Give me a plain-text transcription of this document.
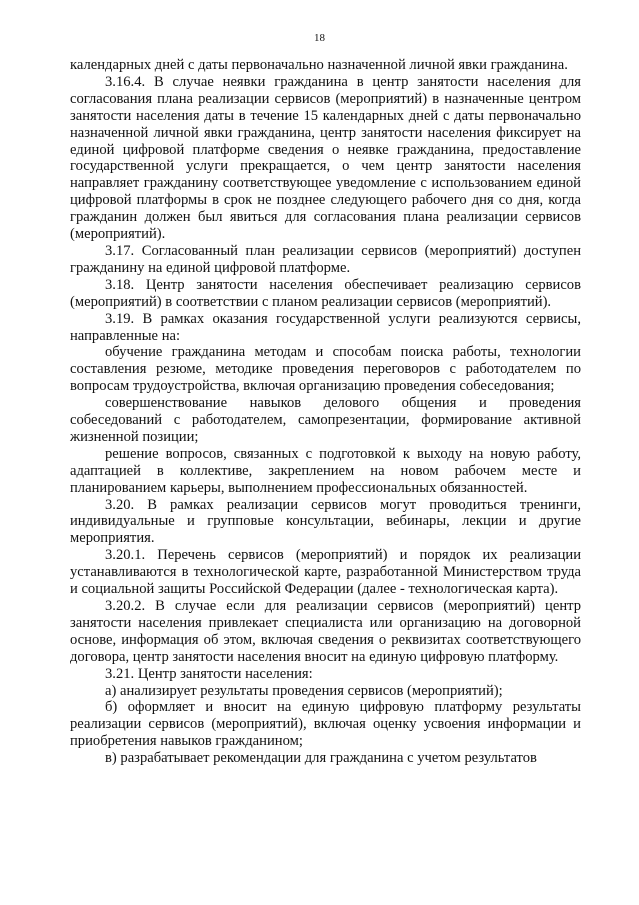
18

календарных дней с даты первоначально назначенной личной явки гражданина.

3.16.4. В случае неявки гражданина в центр занятости населения для согласования плана реализации сервисов (мероприятий) в назначенные центром занятости населения даты в течение 15 календарных дней с даты первоначально назначенной личной явки гражданина, центр занятости населения фиксирует на единой цифровой платформе сведения о неявке гражданина, предоставление государственной услуги прекращается, о чем центр занятости населения направляет гражданину соответствующее уведомление с использованием единой цифровой платформы в срок не позднее следующего рабочего дня со дня, когда гражданин должен был явиться для согласования плана реализации сервисов (мероприятий).

3.17. Согласованный план реализации сервисов (мероприятий) доступен гражданину на единой цифровой платформе.

3.18. Центр занятости населения обеспечивает реализацию сервисов (мероприятий) в соответствии с планом реализации сервисов (мероприятий).

3.19. В рамках оказания государственной услуги реализуются сервисы, направленные на:

обучение гражданина методам и способам поиска работы, технологии составления резюме, методике проведения переговоров с работодателем по вопросам трудоустройства, включая организацию проведения собеседования;

совершенствование навыков делового общения и проведения собеседований с работодателем, самопрезентации, формирование активной жизненной позиции;

решение вопросов, связанных с подготовкой к выходу на новую работу, адаптацией в коллективе, закреплением на новом рабочем месте и планированием карьеры, выполнением профессиональных обязанностей.

3.20. В рамках реализации сервисов могут проводиться тренинги, индивидуальные и групповые консультации, вебинары, лекции и другие мероприятия.

3.20.1. Перечень сервисов (мероприятий) и порядок их реализации устанавливаются в технологической карте, разработанной Министерством труда и социальной защиты Российской Федерации (далее - технологическая карта).

3.20.2. В случае если для реализации сервисов (мероприятий) центр занятости населения привлекает специалиста или организацию на договорной основе, информация об этом, включая сведения о реквизитах соответствующего договора, центр занятости населения вносит на единую цифровую платформу.

3.21. Центр занятости населения:

а) анализирует результаты проведения сервисов (мероприятий);

б) оформляет и вносит на единую цифровую платформу результаты реализации сервисов (мероприятий), включая оценку усвоения информации и приобретения навыков гражданином;

в) разрабатывает рекомендации для гражданина с учетом результатов
